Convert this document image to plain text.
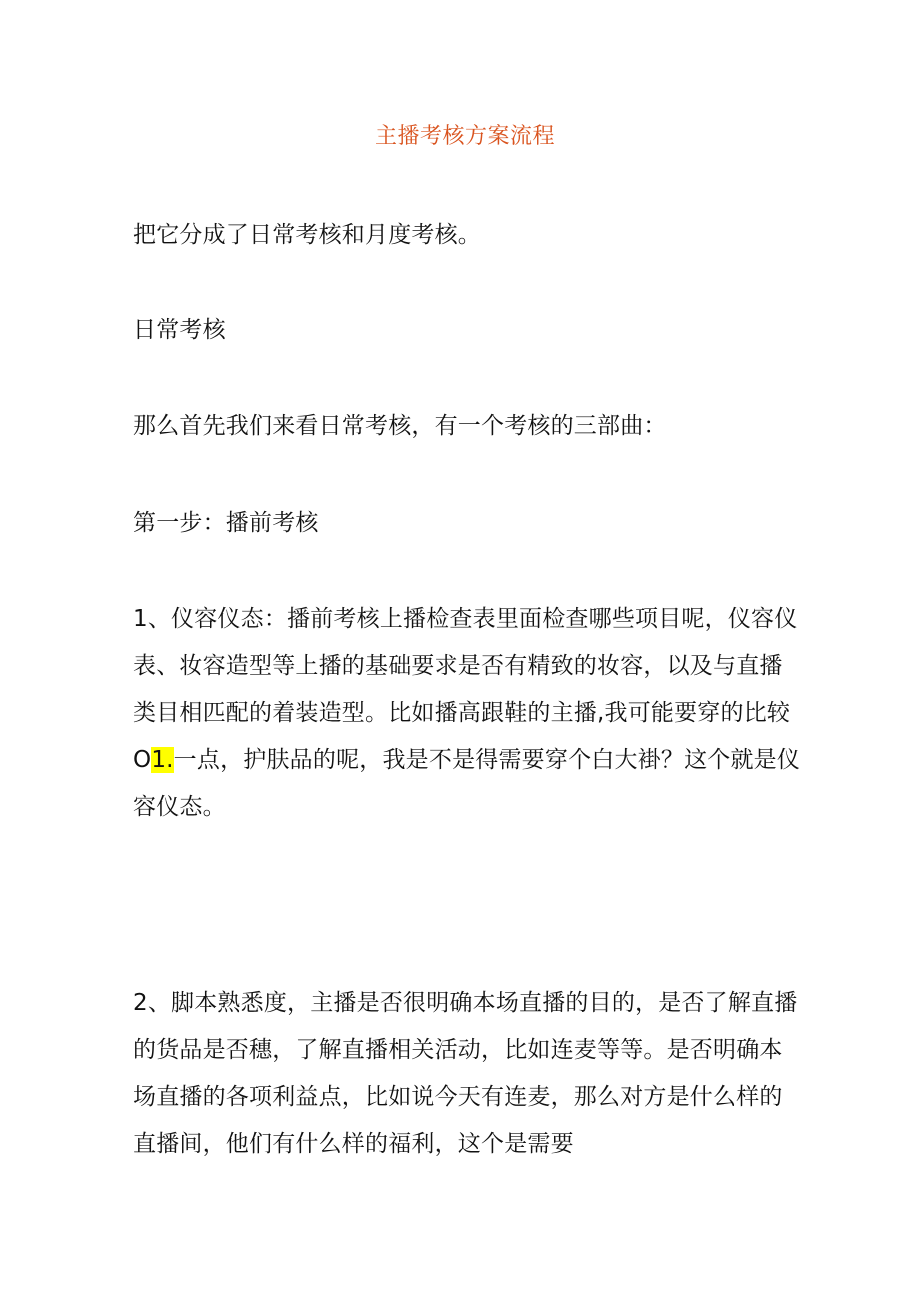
主播考核方案流程

把它分成了日常考核和月度考核。

日常考核

那么首先我们来看日常考核，有一个考核的三部曲：

第一步：播前考核

1、仪容仪态：播前考核上播检查表里面检查哪些项目呢，仪容仪表、妆容造型等上播的基础要求是否有精致的妆容，以及与直播类目相匹配的着装造型。比如播高跟鞋的主播,我可能要穿的比较O1.一点，护肤品的呢，我是不是得需要穿个白大褂？这个就是仪容仪态。

2、脚本熟悉度，主播是否很明确本场直播的目的，是否了解直播的货品是否穗，了解直播相关活动，比如连麦等等。是否明确本场直播的各项利益点，比如说今天有连麦，那么对方是什么样的直播间，他们有什么样的福利，这个是需要
